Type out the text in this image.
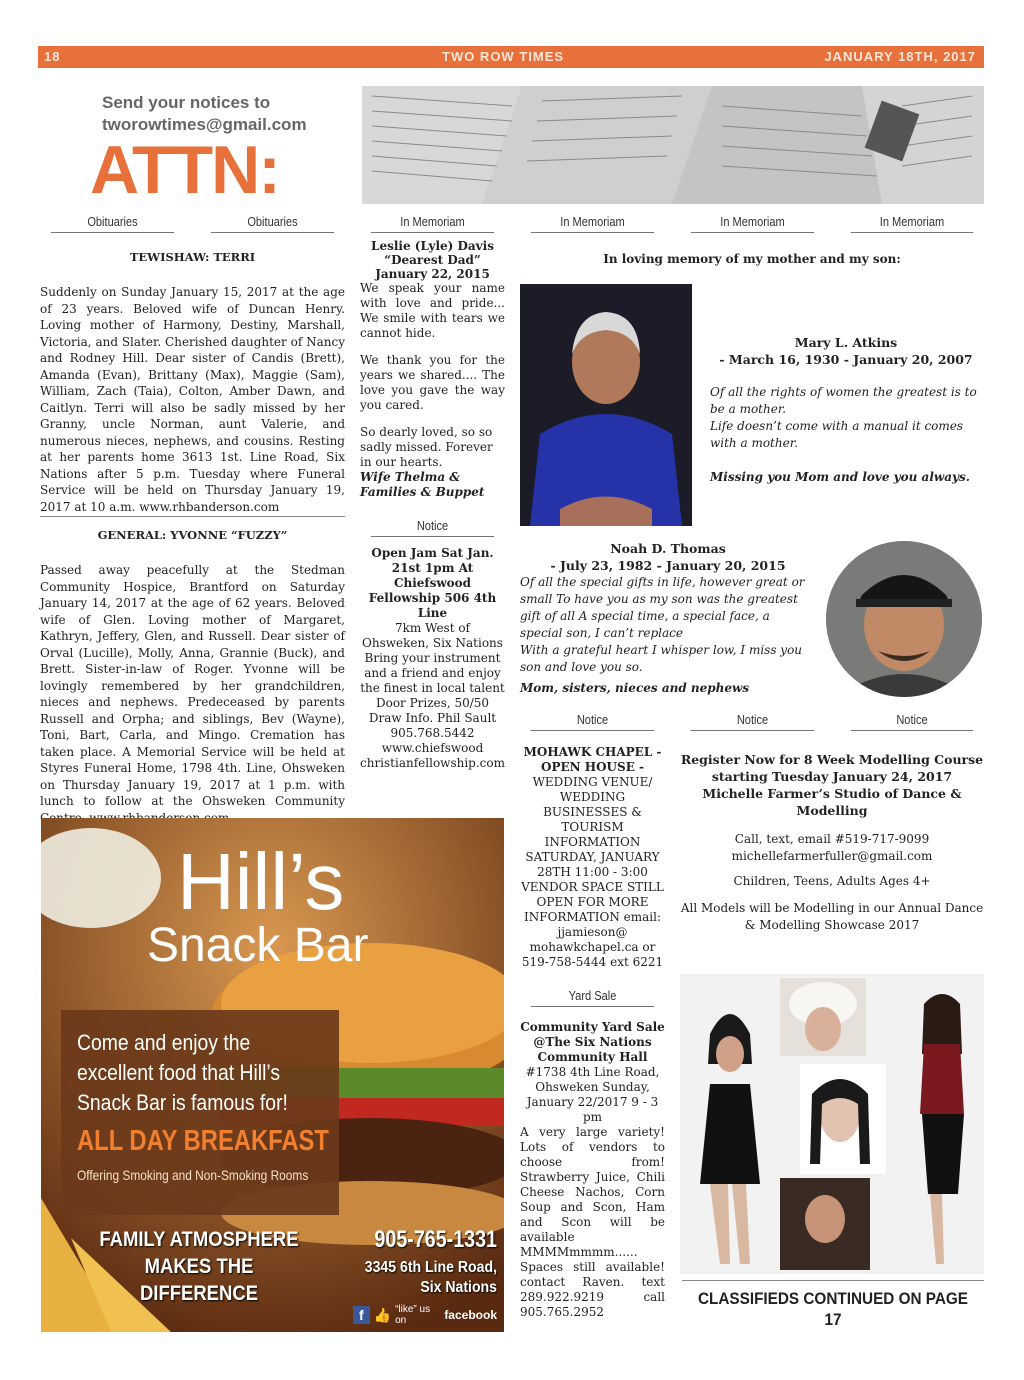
18	TWO ROW TIMES	JANUARY 18TH, 2017
Send your notices to
tworowtimes@gmail.com
ATTN:
Obituaries	Obituaries	In Memoriam	In Memoriam	In Memoriam	In Memoriam
TEWISHAW: TERRI
Suddenly on Sunday January 15, 2017 at the age of 23 years. Beloved wife of Duncan Henry. Loving mother of Harmony, Destiny, Marshall, Victoria, and Slater. Cherished daughter of Nancy and Rodney Hill. Dear sister of Candis (Brett), Amanda (Evan), Brittany (Max), Maggie (Sam), William, Zach (Taia), Colton, Amber Dawn, and Caitlyn. Terri will also be sadly missed by her Granny, uncle Norman, aunt Valerie, and numerous nieces, nephews, and cousins. Resting at her parents home 3613 1st. Line Road, Six Nations after 5 p.m. Tuesday where Funeral Service will be held on Thursday January 19, 2017 at 10 a.m. www.rhbanderson.com
GENERAL: YVONNE “FUZZY”
Passed away peacefully at the Stedman Community Hospice, Brantford on Saturday January 14, 2017 at the age of 62 years. Beloved wife of Glen. Loving mother of Margaret, Kathryn, Jeffery, Glen, and Russell. Dear sister of Orval (Lucille), Molly, Anna, Grannie (Buck), and Brett. Sister-in-law of Roger. Yvonne will be lovingly remembered by her grandchildren, nieces and nephews. Predeceased by parents Russell and Orpha; and siblings, Bev (Wayne), Toni, Bart, Carla, and Mingo. Cremation has taken place. A Memorial Service will be held at Styres Funeral Home, 1798 4th. Line, Ohsweken on Thursday January 19, 2017 at 1 p.m. with lunch to follow at the Ohsweken Community
Leslie (Lyle) Davis
“Dearest Dad”
January 22, 2015
We speak your name with love and pride... We smile with tears we cannot hide.
We thank you for the years we shared.... The love you gave the way you cared.
So dearly loved, so so sadly missed. Forever in our hearts.
Wife Thelma & Families & Buppet
Notice
Open Jam Sat Jan. 21st 1pm At Chiefswood Fellowship 506 4th Line
7km West of Ohsweken, Six Nations Bring your instrument and a friend and enjoy the finest in local talent Door Prizes, 50/50 Draw Info. Phil Sault 905.768.5442 www.chiefswood christianfellowship.com
In loving memory of my mother and my son:
Mary L. Atkins
- March 16, 1930 - January 20, 2007
Of all the rights of women the greatest is to be a mother.
Life doesn’t come with a manual it comes with a mother.
Missing you Mom and love you always.
Noah D. Thomas
- July 23, 1982 - January 20, 2015
Of all the special gifts in life, however great or small To have you as my son was the greatest gift of all A special time, a special face, a special son, I can’t replace
With a grateful heart I whisper low, I miss you son and love you so.
Mom, sisters, nieces and nephews
Notice	Notice	Notice
MOHAWK CHAPEL - OPEN HOUSE -
WEDDING VENUE/ WEDDING BUSINESSES & TOURISM INFORMATION SATURDAY, JANUARY 28TH 11:00 - 3:00 VENDOR SPACE STILL OPEN FOR MORE INFORMATION email: jjamieson@ mohawkchapel.ca or 519-758-5444 ext 6221
Register Now for 8 Week Modelling Course starting Tuesday January 24, 2017 Michelle Farmer’s Studio of Dance & Modelling
Call, text, email #519-717-9099 michellefarmerfuller@gmail.com
Children, Teens, Adults Ages 4+
All Models will be Modelling in our Annual Dance & Modelling Showcase 2017
Yard Sale
Community Yard Sale @The Six Nations Community Hall
#1738 4th Line Road, Ohsweken Sunday, January 22/2017 9 - 3 pm
A very large variety! Lots of vendors to choose from! Strawberry Juice, Chili Cheese Nachos, Corn Soup and Scon, Ham and Scon will be available MMMMmmmm...... Spaces still available! contact Raven. text 289.922.9219 call 905.765.2952
CLASSIFIEDS CONTINUED ON PAGE 17
Hill’s
Snack Bar
Come and enjoy the excellent food that Hill’s Snack Bar is famous for!
ALL DAY BREAKFAST
Offering Smoking and Non-Smoking Rooms
FAMILY ATMOSPHERE MAKES THE DIFFERENCE
905-765-1331
3345 6th Line Road, Six Nations
f 👍 “like” us on	facebook
